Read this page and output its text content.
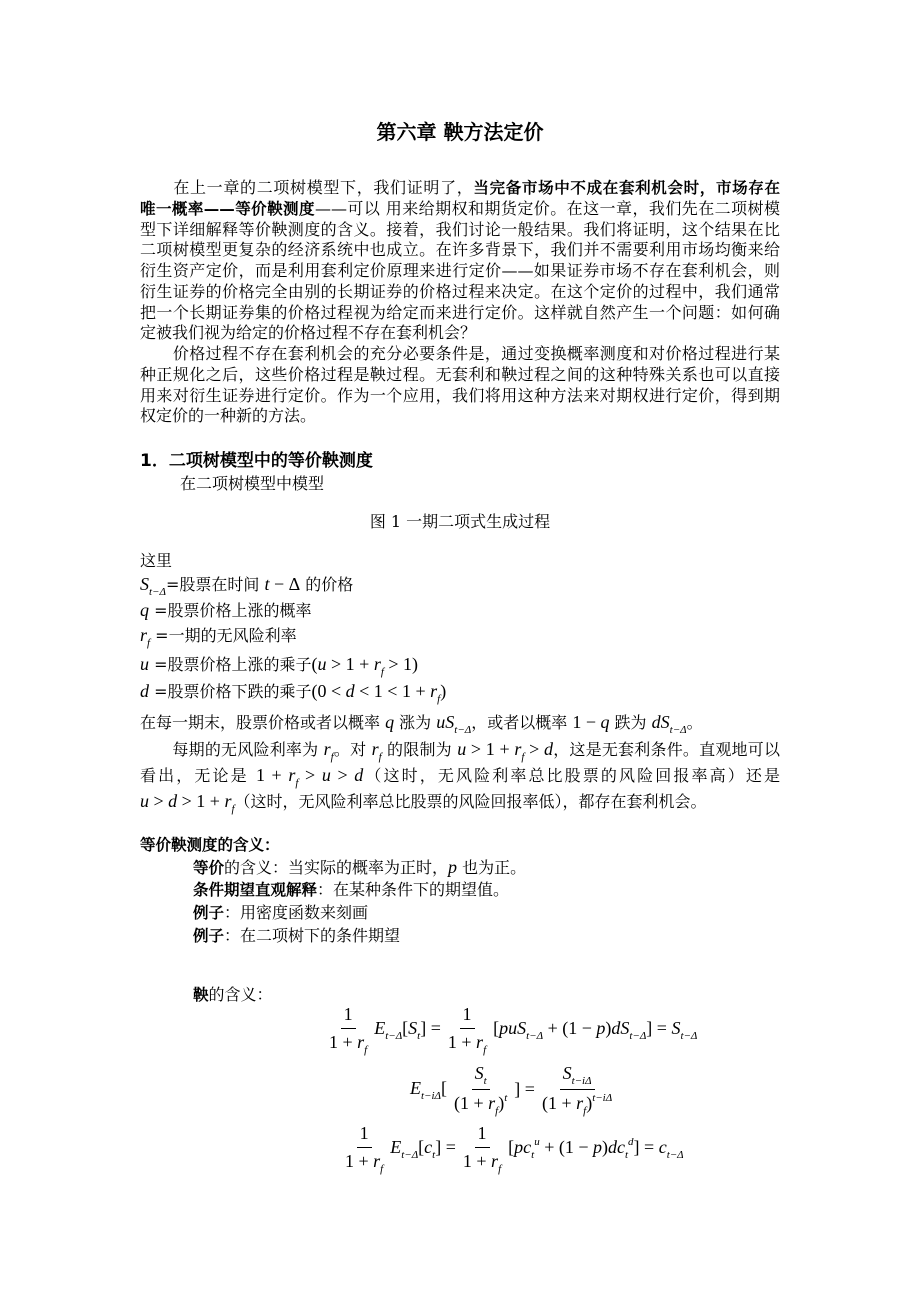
第六章 鞅方法定价
　　在上一章的二项树模型下，我们证明了，当完备市场中不成在套利机会时，市场存在
唯一概率——等价鞅测度——可以 用来给期权和期货定价。在这一章，我们先在二项树模
型下详细解释等价鞅测度的含义。接着，我们讨论一般结果。我们将证明，这个结果在比
二项树模型更复杂的经济系统中也成立。在许多背景下，我们并不需要利用市场均衡来给
衍生资产定价，而是利用套利定价原理来进行定价——如果证券市场不存在套利机会，则
衍生证券的价格完全由别的长期证券的价格过程来决定。在这个定价的过程中，我们通常
把一个长期证券集的价格过程视为给定而来进行定价。这样就自然产生一个问题：如何确
定被我们视为给定的价格过程不存在套利机会？
　　价格过程不存在套利机会的充分必要条件是，通过变换概率测度和对价格过程进行某
种正规化之后，这些价格过程是鞅过程。无套利和鞅过程之间的这种特殊关系也可以直接
用来对衍生证券进行定价。作为一个应用，我们将用这种方法来对期权进行定价，得到期
权定价的一种新的方法。
1．二项树模型中的等价鞅测度
在二项树模型中模型
图 1 一期二项式生成过程
这里
$S_{t-\Delta}=$股票在时间 t − Δ 的价格
q =股票价格上涨的概率
$r_f$ =一期的无风险利率
u =股票价格上涨的乘子$(u > 1 + r_f > 1)$
d =股票价格下跌的乘子$(0 < d < 1 < 1 + r_f)$
在每一期末，股票价格或者以概率 q 涨为 $uS_{t-\Delta}$，或者以概率 1 − q 跌为 $dS_{t-\Delta}$。
　　每期的无风险利率为 $r_f$。对 $r_f$ 的限制为 $u > 1 + r_f > d$，这是无套利条件。直观地可以
看出，无论是 $1 + r_f > u > d$（这时，无风险利率总比股票的风险回报率高）还是
$u > d > 1 + r_f$（这时，无风险利率总比股票的风险回报率低），都存在套利机会。
等价鞅测度的含义：
等价的含义：当实际的概率为正时，p 也为正。
条件期望直观解释：在某种条件下的期望值。
例子：用密度函数来刻画
例子：在二项树下的条件期望
鞅的含义：
$\frac{1}{1 + r_f} E_{t-\Delta}[S_t] = \frac{1}{1 + r_f} [puS_{t-\Delta} + (1 - p)dS_{t-\Delta}] = S_{t-\Delta}$
$E_{t-i\Delta}[ \frac{S_t}{(1 + r_f)^t}$ ] = $\frac{S_{t-i\Delta}}{(1 + r_f)^{t-i\Delta}}$
$\frac{1}{1 + r_f} E_{t-\Delta}[c_t] = \frac{1}{1 + r_f} [pc_t^u + (1 - p)dc_t^d] = c_{t-\Delta}$
